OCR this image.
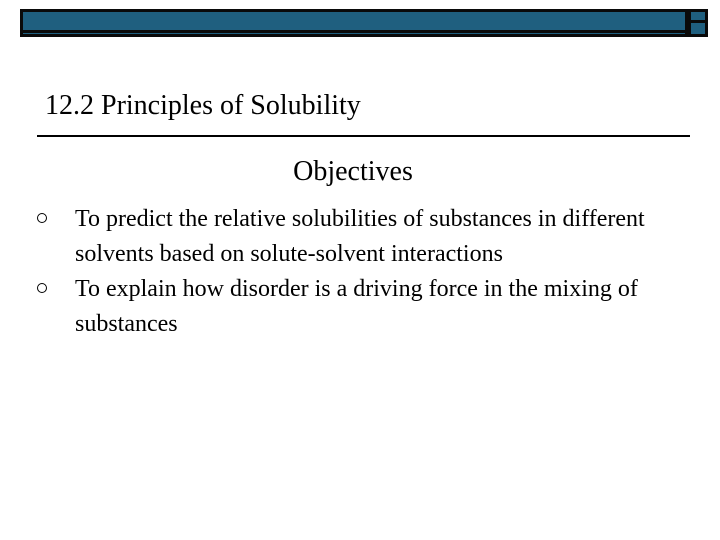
12.2 Principles of Solubility
Objectives
To predict the relative solubilities of substances in different solvents based on solute-solvent interactions
To explain how disorder is a driving force in the mixing of substances
